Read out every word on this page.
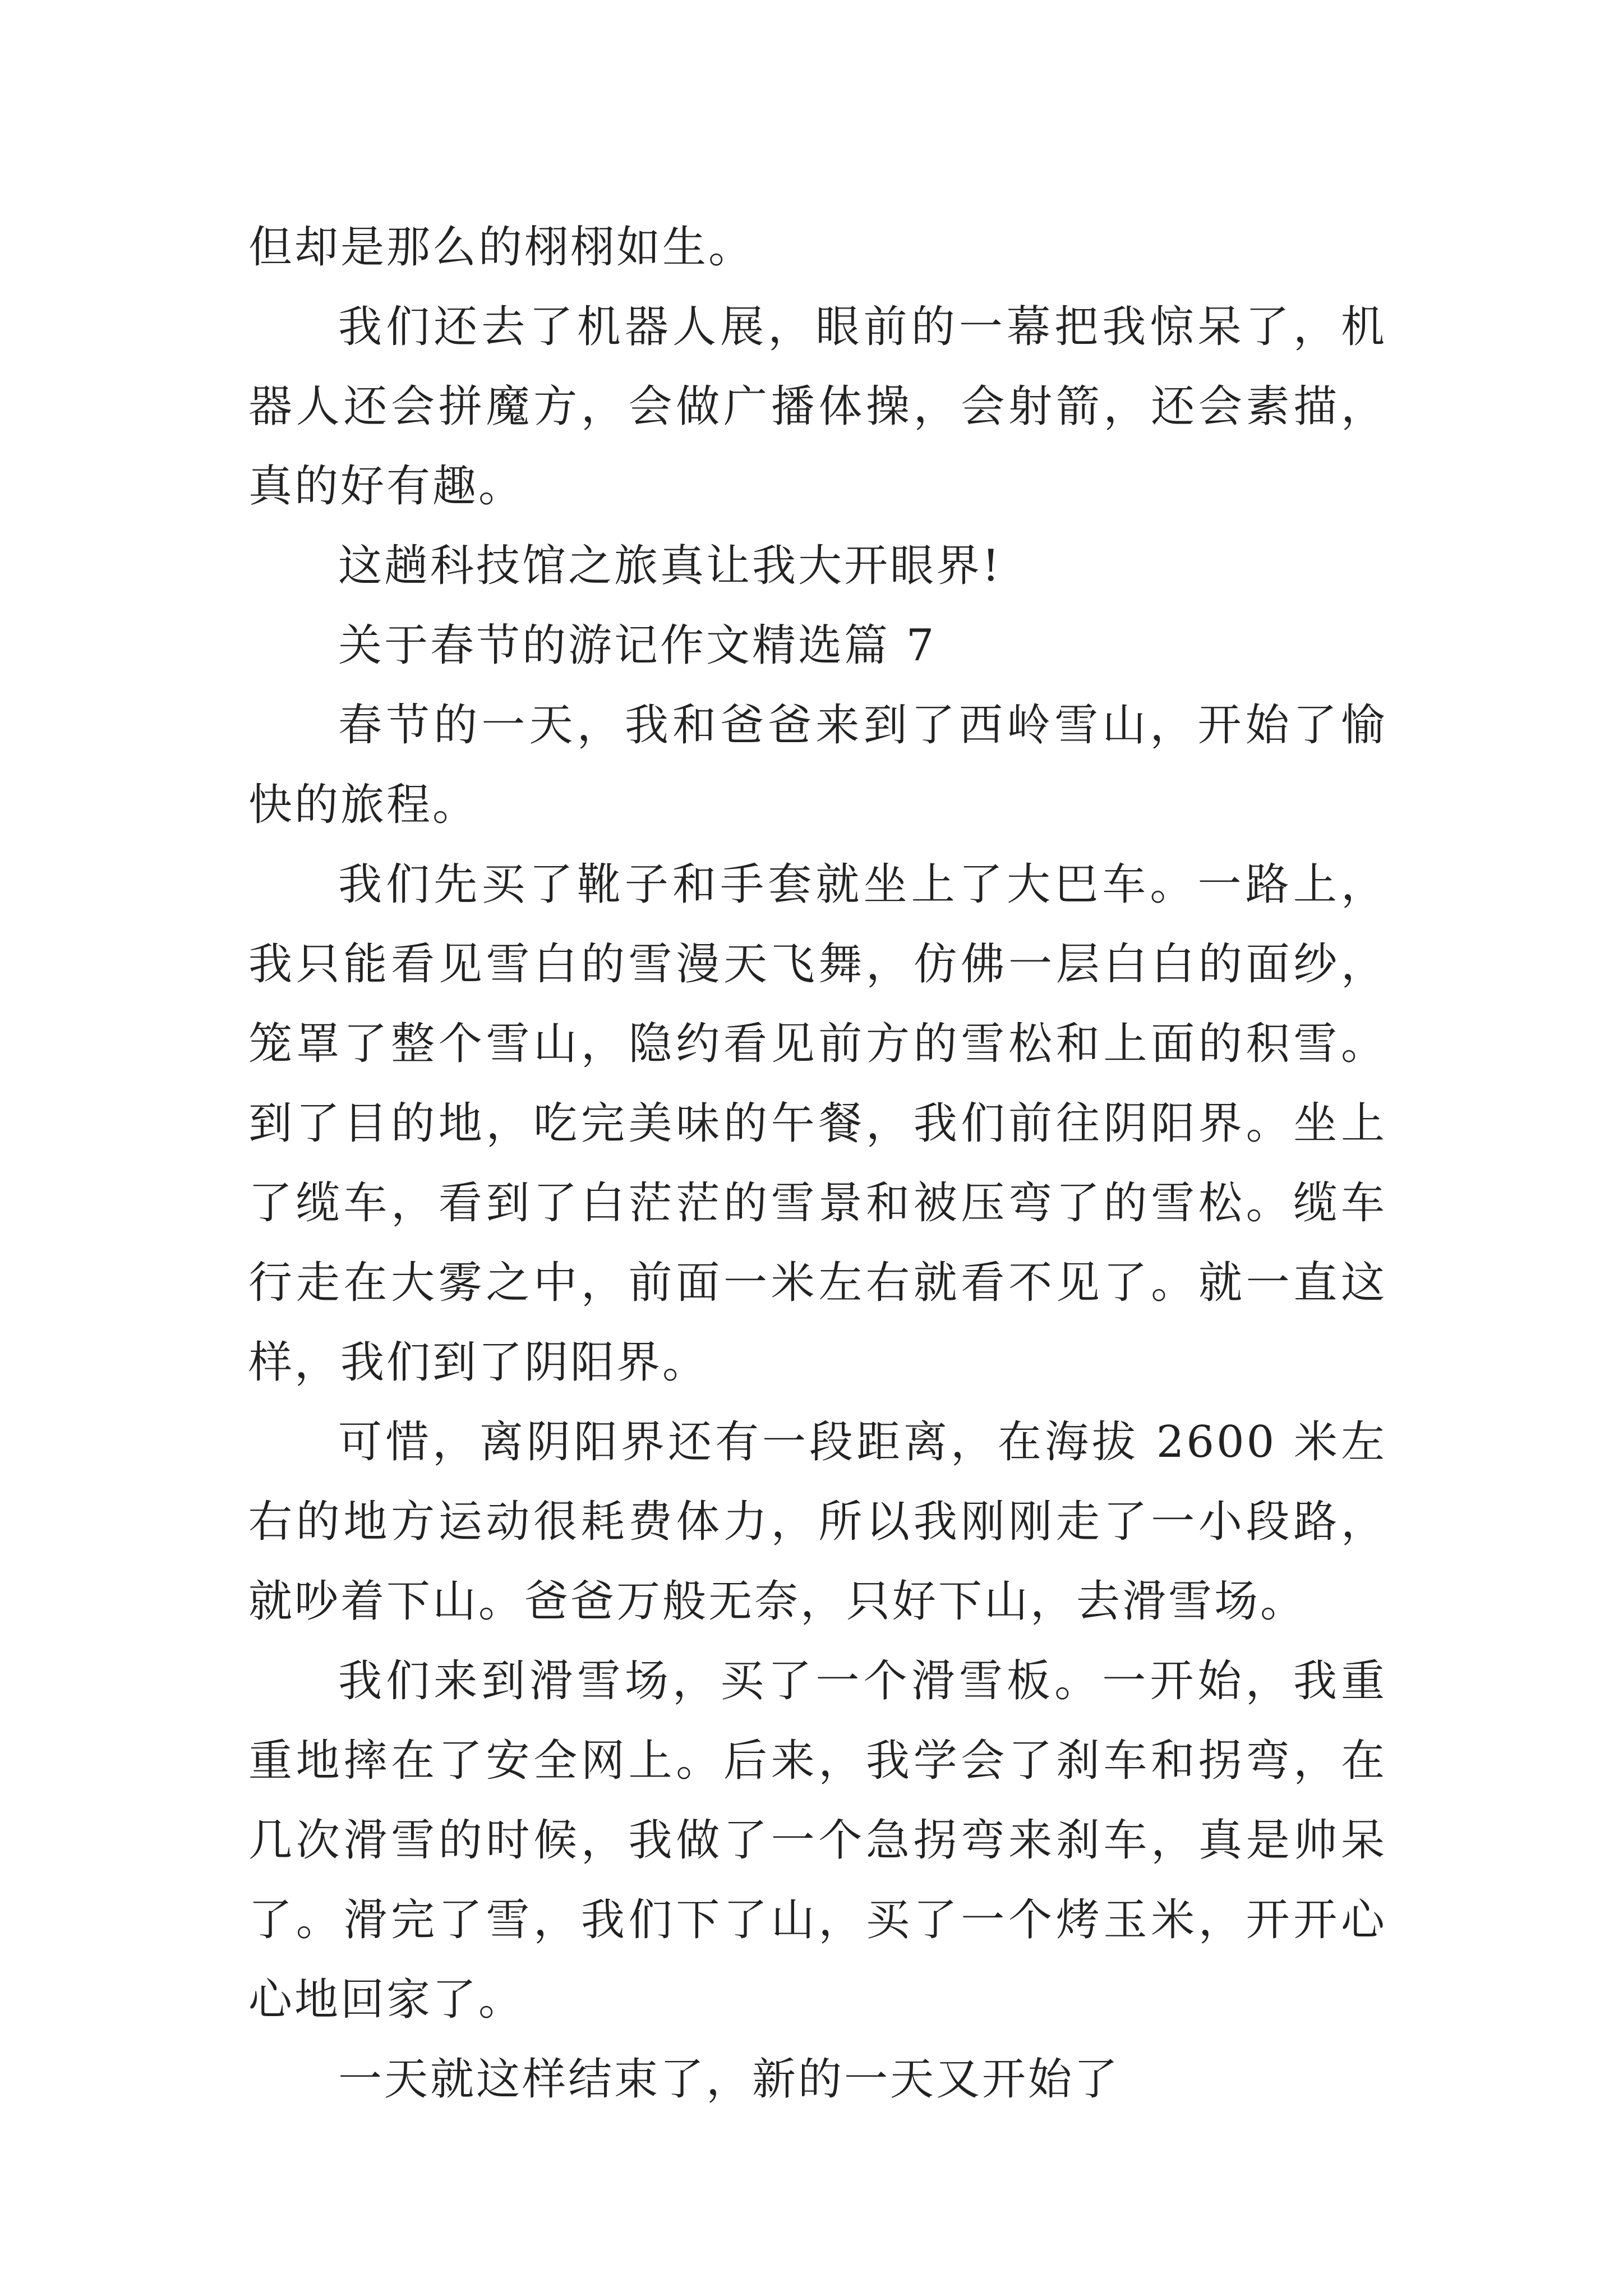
但却是那么的栩栩如生。

我们还去了机器人展，眼前的一幕把我惊呆了，机器人还会拼魔方，会做广播体操，会射箭，还会素描，真的好有趣。

这趟科技馆之旅真让我大开眼界!

关于春节的游记作文精选篇 7

春节的一天，我和爸爸来到了西岭雪山，开始了愉快的旅程。

我们先买了靴子和手套就坐上了大巴车。一路上，我只能看见雪白的雪漫天飞舞，仿佛一层白白的面纱，笼罩了整个雪山，隐约看见前方的雪松和上面的积雪。到了目的地，吃完美味的午餐，我们前往阴阳界。坐上了缆车，看到了白茫茫的雪景和被压弯了的雪松。缆车行走在大雾之中，前面一米左右就看不见了。就一直这样，我们到了阴阳界。

可惜，离阴阳界还有一段距离，在海拔 2600 米左右的地方运动很耗费体力，所以我刚刚走了一小段路，就吵着下山。爸爸万般无奈，只好下山，去滑雪场。

我们来到滑雪场，买了一个滑雪板。一开始，我重重地摔在了安全网上。后来，我学会了刹车和拐弯，在几次滑雪的时候，我做了一个急拐弯来刹车，真是帅呆了。滑完了雪，我们下了山，买了一个烤玉米，开开心心地回家了。

一天就这样结束了，新的一天又开始了
